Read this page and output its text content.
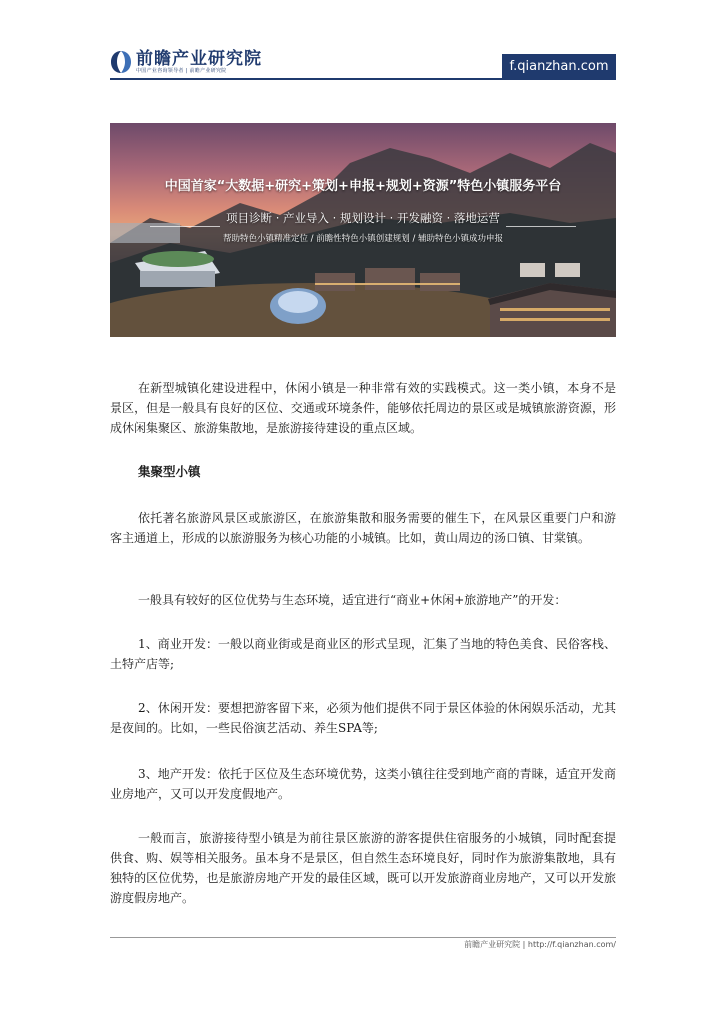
前瞻产业研究院
中国产业咨询领导者 | 前瞻产业研究院	f.qianzhan.com
中国首家“大数据+研究+策划+申报+规划+资源”特色小镇服务平台
项目诊断 · 产业导入 · 规划设计 · 开发融资 · 落地运营
帮助特色小镇精准定位 / 前瞻性特色小镇创建规划 / 辅助特色小镇成功申报

在新型城镇化建设进程中，休闲小镇是一种非常有效的实践模式。这一类小镇，本身不是景区，但是一般具有良好的区位、交通或环境条件，能够依托周边的景区或是城镇旅游资源，形成休闲集聚区、旅游集散地，是旅游接待建设的重点区域。

集聚型小镇

依托著名旅游风景区或旅游区，在旅游集散和服务需要的催生下，在风景区重要门户和游客主通道上，形成的以旅游服务为核心功能的小城镇。比如，黄山周边的汤口镇、甘棠镇。

一般具有较好的区位优势与生态环境，适宜进行“商业+休闲+旅游地产”的开发：

1、商业开发：一般以商业街或是商业区的形式呈现，汇集了当地的特色美食、民俗客栈、土特产店等;

2、休闲开发：要想把游客留下来，必须为他们提供不同于景区体验的休闲娱乐活动，尤其是夜间的。比如，一些民俗演艺活动、养生SPA等;

3、地产开发：依托于区位及生态环境优势，这类小镇往往受到地产商的青睐，适宜开发商业房地产，又可以开发度假地产。

一般而言，旅游接待型小镇是为前往景区旅游的游客提供住宿服务的小城镇，同时配套提供食、购、娱等相关服务。虽本身不是景区，但自然生态环境良好，同时作为旅游集散地，具有独特的区位优势，也是旅游房地产开发的最佳区域，既可以开发旅游商业房地产，又可以开发旅游度假房地产。

前瞻产业研究院 | http://f.qianzhan.com/
